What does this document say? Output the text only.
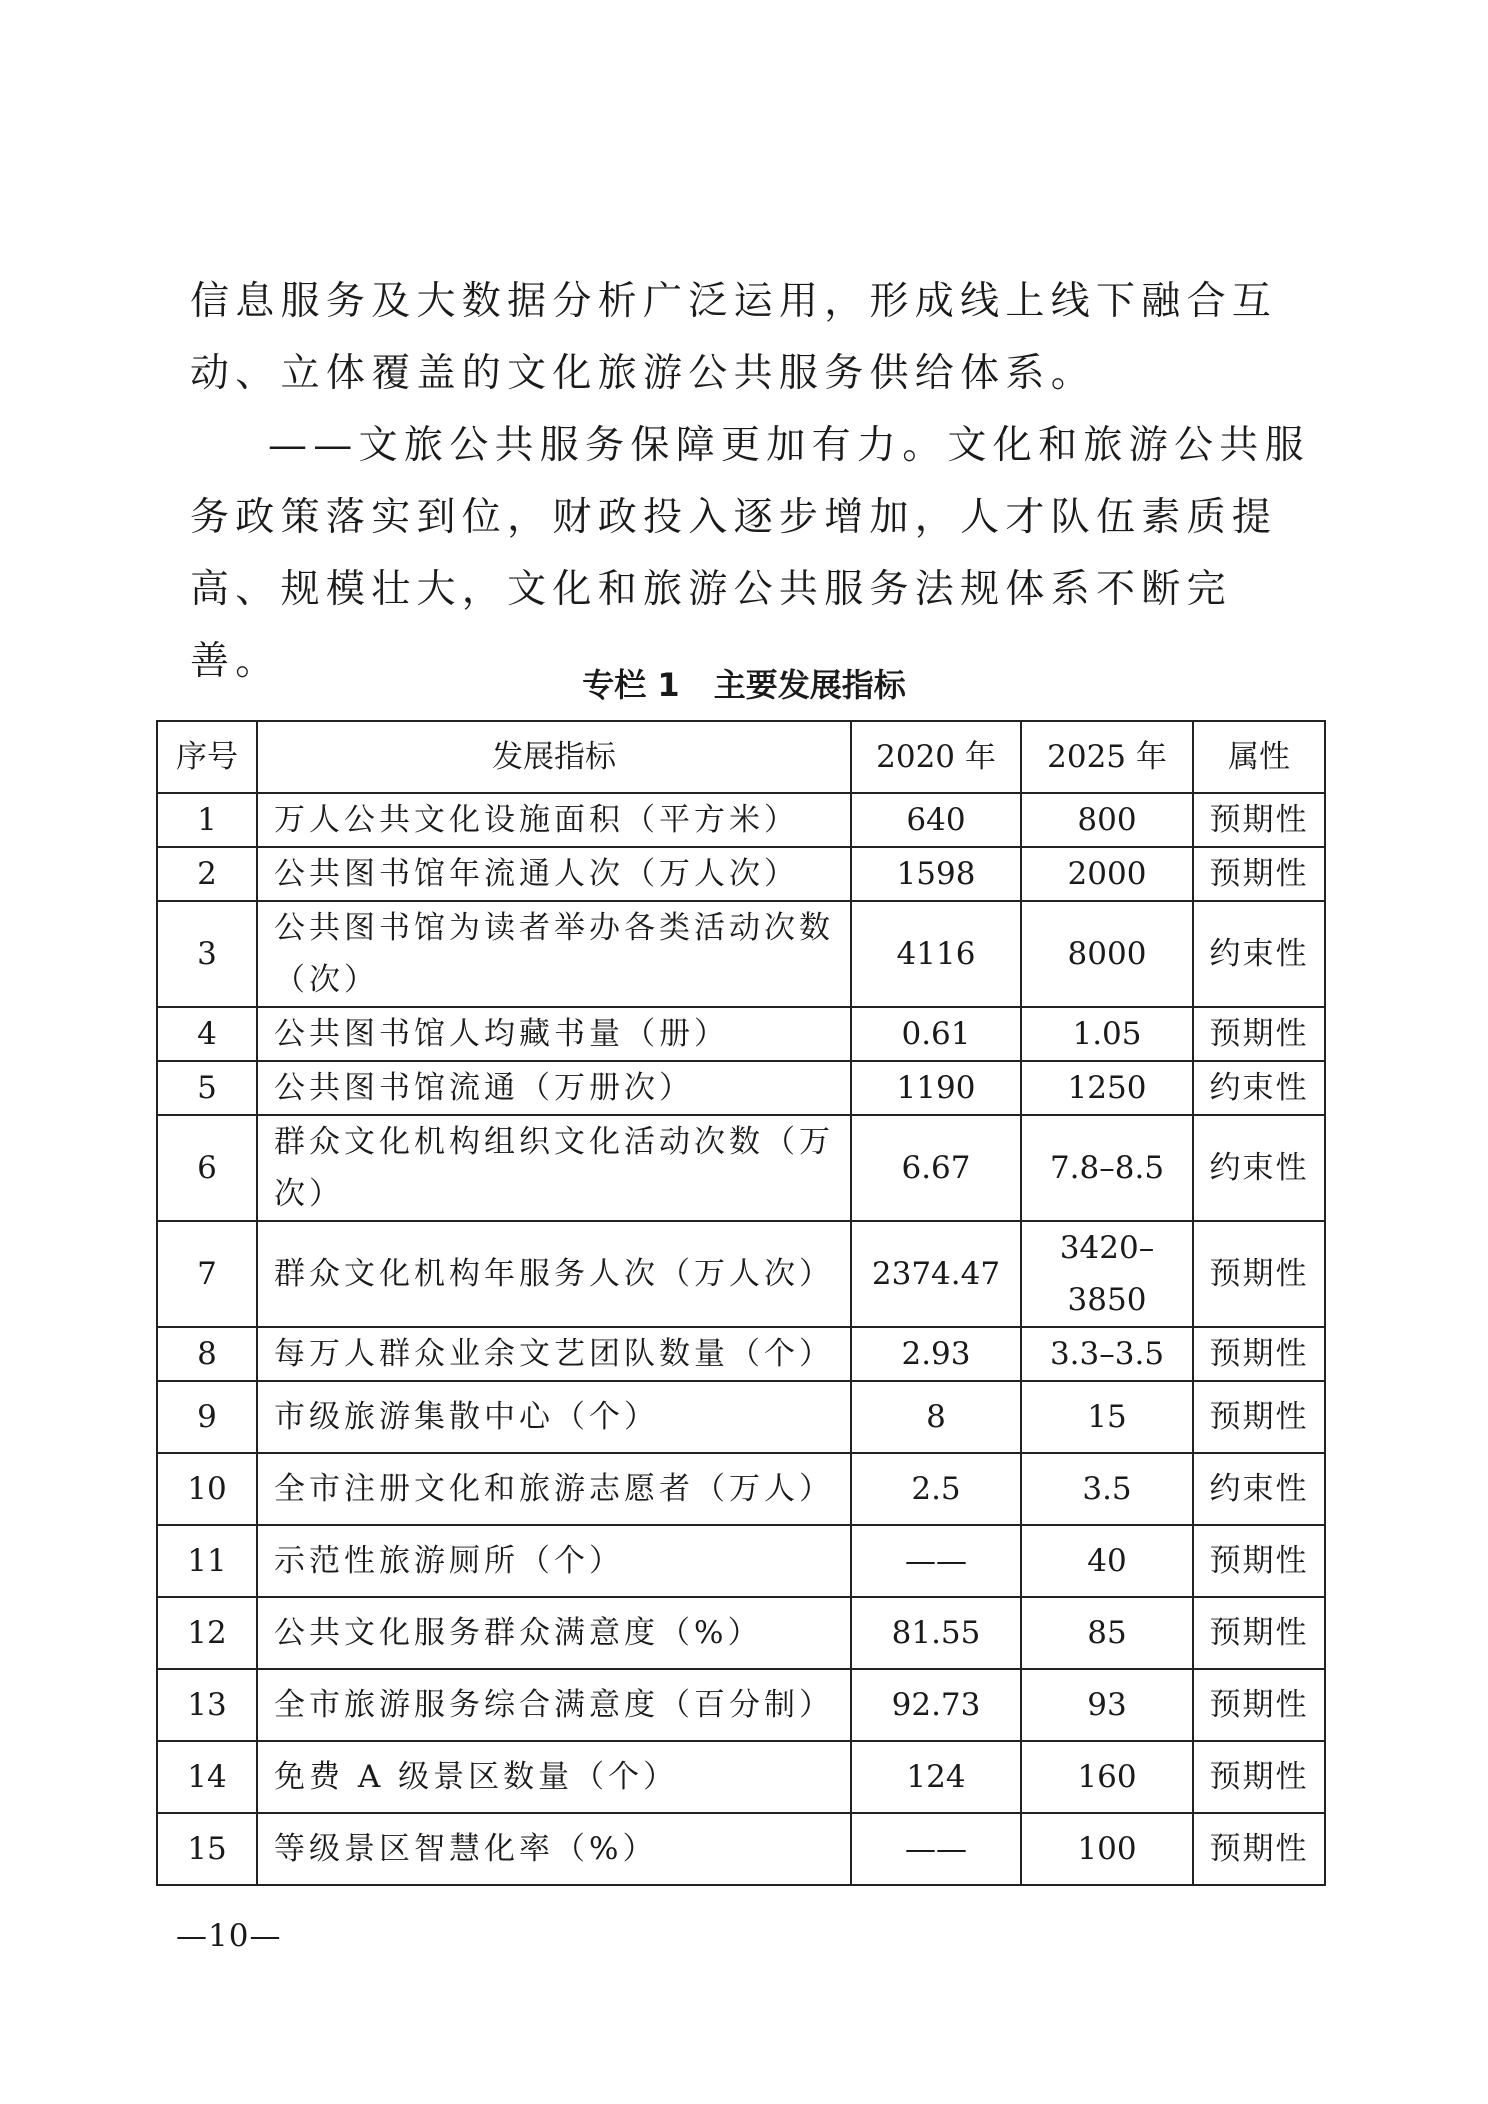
信息服务及大数据分析广泛运用，形成线上线下融合互动、立体覆盖的文化旅游公共服务供给体系。

——文旅公共服务保障更加有力。文化和旅游公共服务政策落实到位，财政投入逐步增加，人才队伍素质提高、规模壮大，文化和旅游公共服务法规体系不断完善。

专栏 1 主要发展指标
序号	发展指标	2020 年	2025 年	属性
1	万人公共文化设施面积（平方米）	640	800	预期性
2	公共图书馆年流通人次（万人次）	1598	2000	预期性
3	公共图书馆为读者举办各类活动次数（次）	4116	8000	约束性
4	公共图书馆人均藏书量（册）	0.61	1.05	预期性
5	公共图书馆流通（万册次）	1190	1250	约束性
6	群众文化机构组织文化活动次数（万次）	6.67	7.8–8.5	约束性
7	群众文化机构年服务人次（万人次）	2374.47	3420–3850	预期性
8	每万人群众业余文艺团队数量（个）	2.93	3.3–3.5	预期性
9	市级旅游集散中心（个）	8	15	预期性
10	全市注册文化和旅游志愿者（万人）	2.5	3.5	约束性
11	示范性旅游厕所（个）	——	40	预期性
12	公共文化服务群众满意度（%）	81.55	85	预期性
13	全市旅游服务综合满意度（百分制）	92.73	93	预期性
14	免费 A 级景区数量（个）	124	160	预期性
15	等级景区智慧化率（%）	——	100	预期性
—10—
